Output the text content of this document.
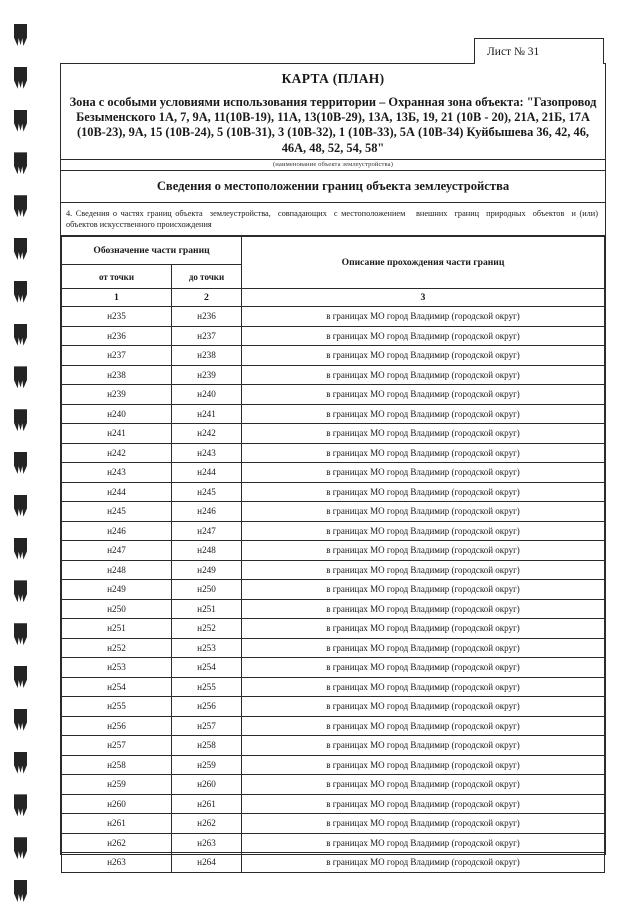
Лист № 31
КАРТА (ПЛАН)
Зона с особыми условиями использования территории – Охранная зона объекта: "Газопровод Безыменского 1А, 7, 9А, 11(10В-19), 11А, 13(10В-29), 13А, 13Б, 19, 21 (10В - 20), 21А, 21Б, 17А (10В-23), 9А, 15 (10В-24), 5 (10В-31), 3 (10В-32), 1 (10В-33), 5А (10В-34) Куйбышева 36, 42, 46, 46А, 48, 52, 54, 58"
(наименование объекта землеустройства)
Сведения о местоположении границ объекта землеустройства
4. Сведения о частях границ объекта  землеустройства,  совпадающих  с местоположением   внешних  границ  природных  объектов  и (или)  объектов искусственного происхождения
Обозначение части границ		Описание прохождения части границ
от точки	до точки	
1	2	3
н235	н236	в границах МО город Владимир (городской округ)
н236	н237	в границах МО город Владимир (городской округ)
н237	н238	в границах МО город Владимир (городской округ)
н238	н239	в границах МО город Владимир (городской округ)
н239	н240	в границах МО город Владимир (городской округ)
н240	н241	в границах МО город Владимир (городской округ)
н241	н242	в границах МО город Владимир (городской округ)
н242	н243	в границах МО город Владимир (городской округ)
н243	н244	в границах МО город Владимир (городской округ)
н244	н245	в границах МО город Владимир (городской округ)
н245	н246	в границах МО город Владимир (городской округ)
н246	н247	в границах МО город Владимир (городской округ)
н247	н248	в границах МО город Владимир (городской округ)
н248	н249	в границах МО город Владимир (городской округ)
н249	н250	в границах МО город Владимир (городской округ)
н250	н251	в границах МО город Владимир (городской округ)
н251	н252	в границах МО город Владимир (городской округ)
н252	н253	в границах МО город Владимир (городской округ)
н253	н254	в границах МО город Владимир (городской округ)
н254	н255	в границах МО город Владимир (городской округ)
н255	н256	в границах МО город Владимир (городской округ)
н256	н257	в границах МО город Владимир (городской округ)
н257	н258	в границах МО город Владимир (городской округ)
н258	н259	в границах МО город Владимир (городской округ)
н259	н260	в границах МО город Владимир (городской округ)
н260	н261	в границах МО город Владимир (городской округ)
н261	н262	в границах МО город Владимир (городской округ)
н262	н263	в границах МО город Владимир (городской округ)
н263	н264	в границах МО город Владимир (городской округ)
